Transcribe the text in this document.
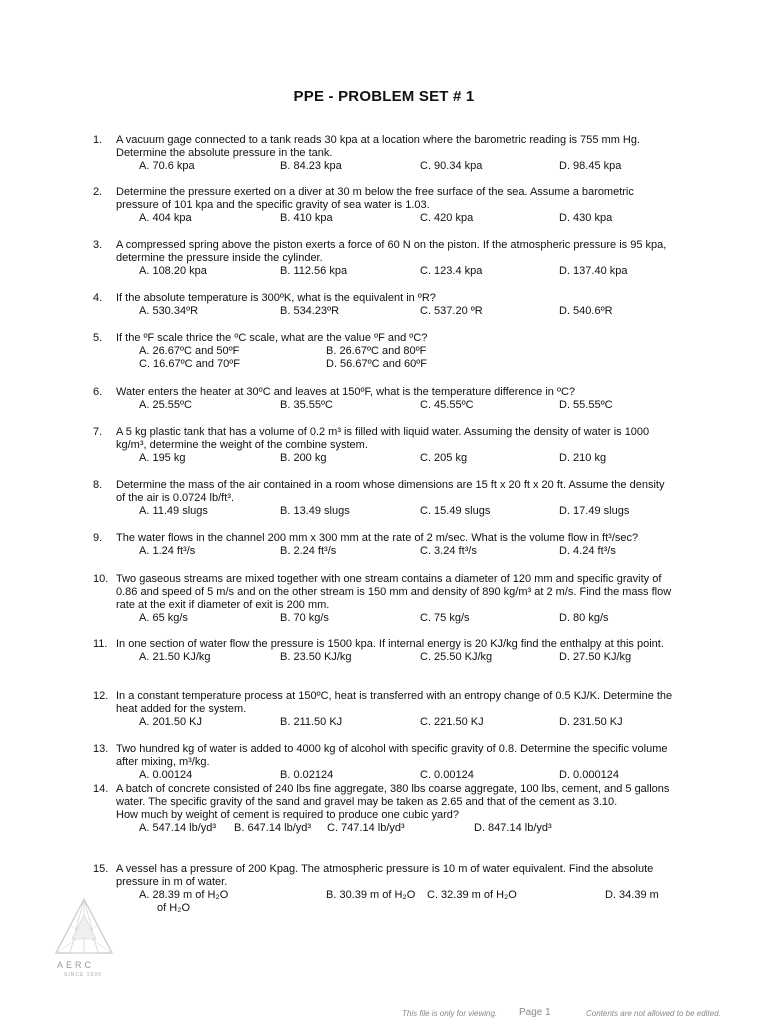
PPE - PROBLEM SET # 1
1. A vacuum gage connected to a tank reads 30 kpa at a location where the barometric reading is 755 mm Hg. Determine the absolute pressure in the tank.
A. 70.6 kpa	B. 84.23 kpa	C. 90.34 kpa	D. 98.45 kpa
2. Determine the pressure exerted on a diver at 30 m below the free surface of the sea. Assume a barometric pressure of 101 kpa and the specific gravity of sea water is 1.03.
A. 404 kpa	B. 410 kpa	C. 420 kpa	D. 430 kpa
3. A compressed spring above the piston exerts a force of 60 N on the piston. If the atmospheric pressure is 95 kpa, determine the pressure inside the cylinder.
A. 108.20 kpa	B. 112.56 kpa	C. 123.4 kpa	D. 137.40 kpa
4. If the absolute temperature is 300ºK, what is the equivalent in ºR?
A. 530.34ºR	B. 534.23ºR	C. 537.20 ºR	D. 540.6ºR
5. If the ºF scale thrice the ºC scale, what are the value ºF and ºC?
A. 26.67ºC and 50ºF	B. 26.67ºC and 80ºF
C. 16.67ºC and 70ºF	D. 56.67ºC and 60ºF
6. Water enters the heater at 30ºC and leaves at 150ºF, what is the temperature difference in ºC?
A. 25.55ºC	B. 35.55ºC	C. 45.55ºC	D. 55.55ºC
7. A 5 kg plastic tank that has a volume of 0.2 m³ is filled with liquid water. Assuming the density of water is 1000 kg/m³, determine the weight of the combine system.
A. 195 kg	B. 200 kg	C. 205 kg	D. 210 kg
8. Determine the mass of the air contained in a room whose dimensions are 15 ft x 20 ft x 20 ft. Assume the density of the air is 0.0724 lb/ft³.
A. 11.49 slugs	B. 13.49 slugs	C. 15.49 slugs	D. 17.49 slugs
9. The water flows in the channel 200 mm x 300 mm at the rate of 2 m/sec. What is the volume flow in ft³/sec?
A. 1.24 ft³/s	B. 2.24 ft³/s	C. 3.24 ft³/s	D. 4.24 ft³/s
10. Two gaseous streams are mixed together with one stream contains a diameter of 120 mm and specific gravity of 0.86 and speed of 5 m/s and on the other stream is 150 mm and density of 890 kg/m³ at 2 m/s. Find the mass flow rate at the exit if diameter of exit is 200 mm.
A. 65 kg/s	B. 70 kg/s	C. 75 kg/s	D. 80 kg/s
11. In one section of water flow the pressure is 1500 kpa. If internal energy is 20 KJ/kg find the enthalpy at this point.
A. 21.50 KJ/kg	B. 23.50 KJ/kg	C. 25.50 KJ/kg	D. 27.50 KJ/kg
12. In a constant temperature process at 150ºC, heat is transferred with an entropy change of 0.5 KJ/K. Determine the heat added for the system.
A. 201.50 KJ	B. 211.50 KJ	C. 221.50 KJ	D. 231.50 KJ
13. Two hundred kg of water is added to 4000 kg of alcohol with specific gravity of 0.8. Determine the specific volume after mixing, m³/kg.
A. 0.00124	B. 0.02124	C. 0.00124	D. 0.000124
14. A batch of concrete consisted of 240 lbs fine aggregate, 380 lbs coarse aggregate, 100 lbs, cement, and 5 gallons water. The specific gravity of the sand and gravel may be taken as 2.65 and that of the cement as 3.10.
How much by weight of cement is required to produce one cubic yard?
A. 547.14 lb/yd³ B. 647.14 lb/yd³ C. 747.14 lb/yd³	D. 847.14 lb/yd³
15. A vessel has a pressure of 200 Kpag. The atmospheric pressure is 10 m of water equivalent. Find the absolute pressure in m of water.
A. 28.39 m of H₂O	B. 30.39 m of H₂O C. 32.39 m of H₂O	D. 34.39 m
of H₂O
AERC
SINCE 1999
This file is only for viewing. Page 1	Contents are not allowed to be edited.
